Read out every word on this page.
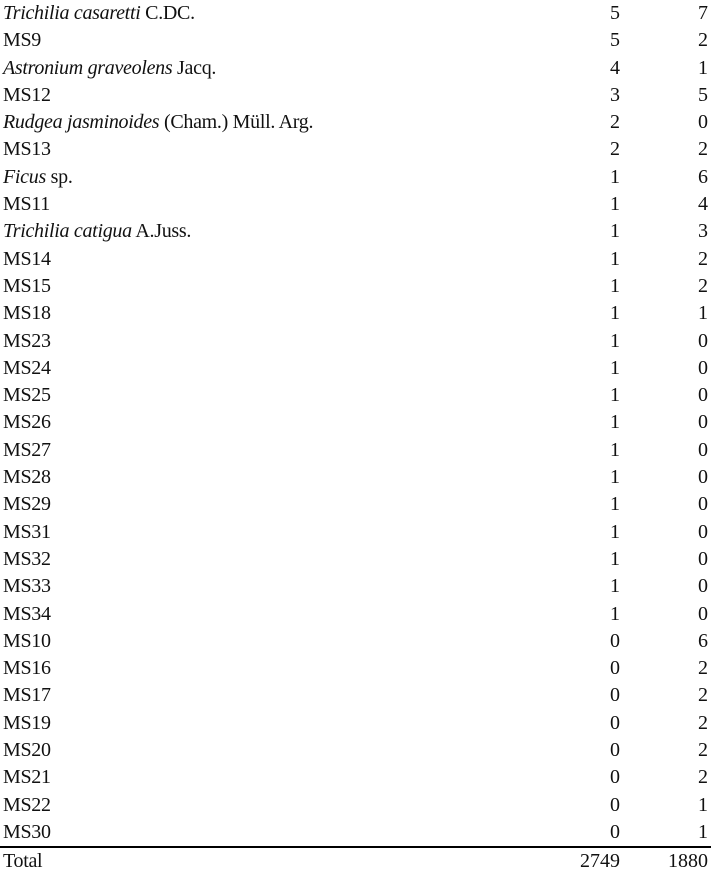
Trichilia casaretti C.DC.	5	7
MS9	5	2
Astronium graveolens Jacq.	4	1
MS12	3	5
Rudgea jasminoides (Cham.) Müll. Arg.	2	0
MS13	2	2
Ficus sp.	1	6
MS11	1	4
Trichilia catigua A.Juss.	1	3
MS14	1	2
MS15	1	2
MS18	1	1
MS23	1	0
MS24	1	0
MS25	1	0
MS26	1	0
MS27	1	0
MS28	1	0
MS29	1	0
MS31	1	0
MS32	1	0
MS33	1	0
MS34	1	0
MS10	0	6
MS16	0	2
MS17	0	2
MS19	0	2
MS20	0	2
MS21	0	2
MS22	0	1
MS30	0	1
Total	2749	1880
